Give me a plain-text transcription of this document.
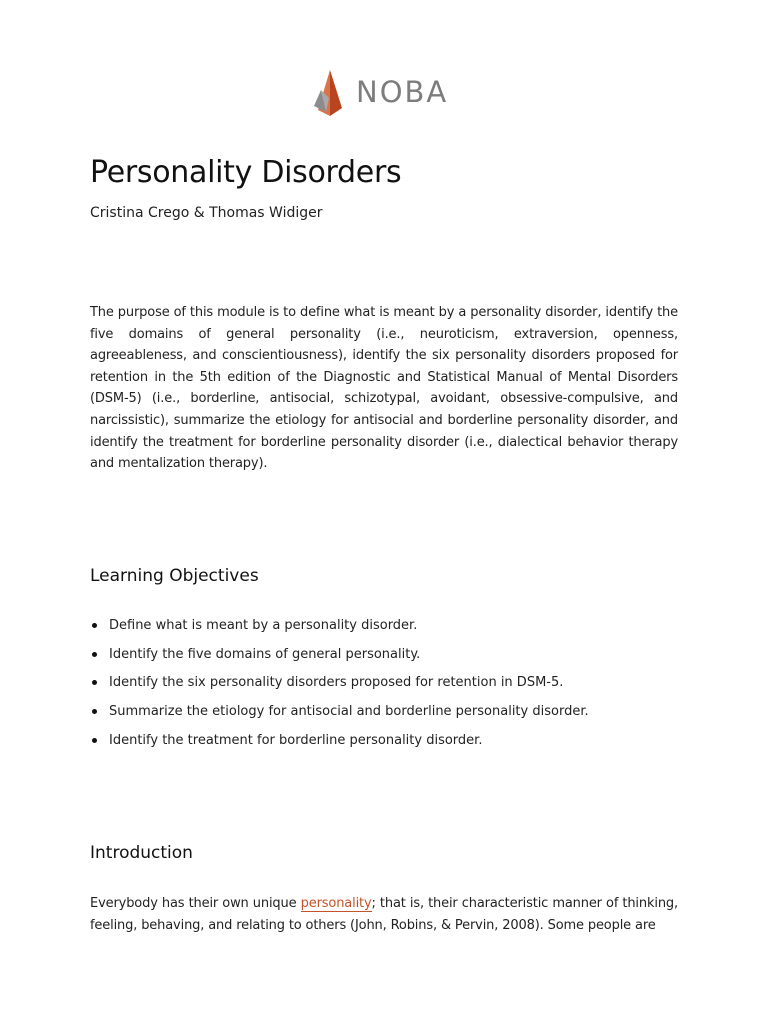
NOBA
Personality Disorders

Cristina Crego & Thomas Widiger

The purpose of this module is to define what is meant by a personality disorder, identify the five domains of general personality (i.e., neuroticism, extraversion, openness, agreeableness, and conscientiousness), identify the six personality disorders proposed for retention in the 5th edition of the Diagnostic and Statistical Manual of Mental Disorders (DSM-5) (i.e., borderline, antisocial, schizotypal, avoidant, obsessive-compulsive, and narcissistic), summarize the etiology for antisocial and borderline personality disorder, and identify the treatment for borderline personality disorder (i.e., dialectical behavior therapy and mentalization therapy).

Learning Objectives
Define what is meant by a personality disorder.
Identify the five domains of general personality.
Identify the six personality disorders proposed for retention in DSM-5.
Summarize the etiology for antisocial and borderline personality disorder.
Identify the treatment for borderline personality disorder.
Introduction

Everybody has their own unique personality; that is, their characteristic manner of thinking, feeling, behaving, and relating to others (John, Robins, & Pervin, 2008). Some people are
